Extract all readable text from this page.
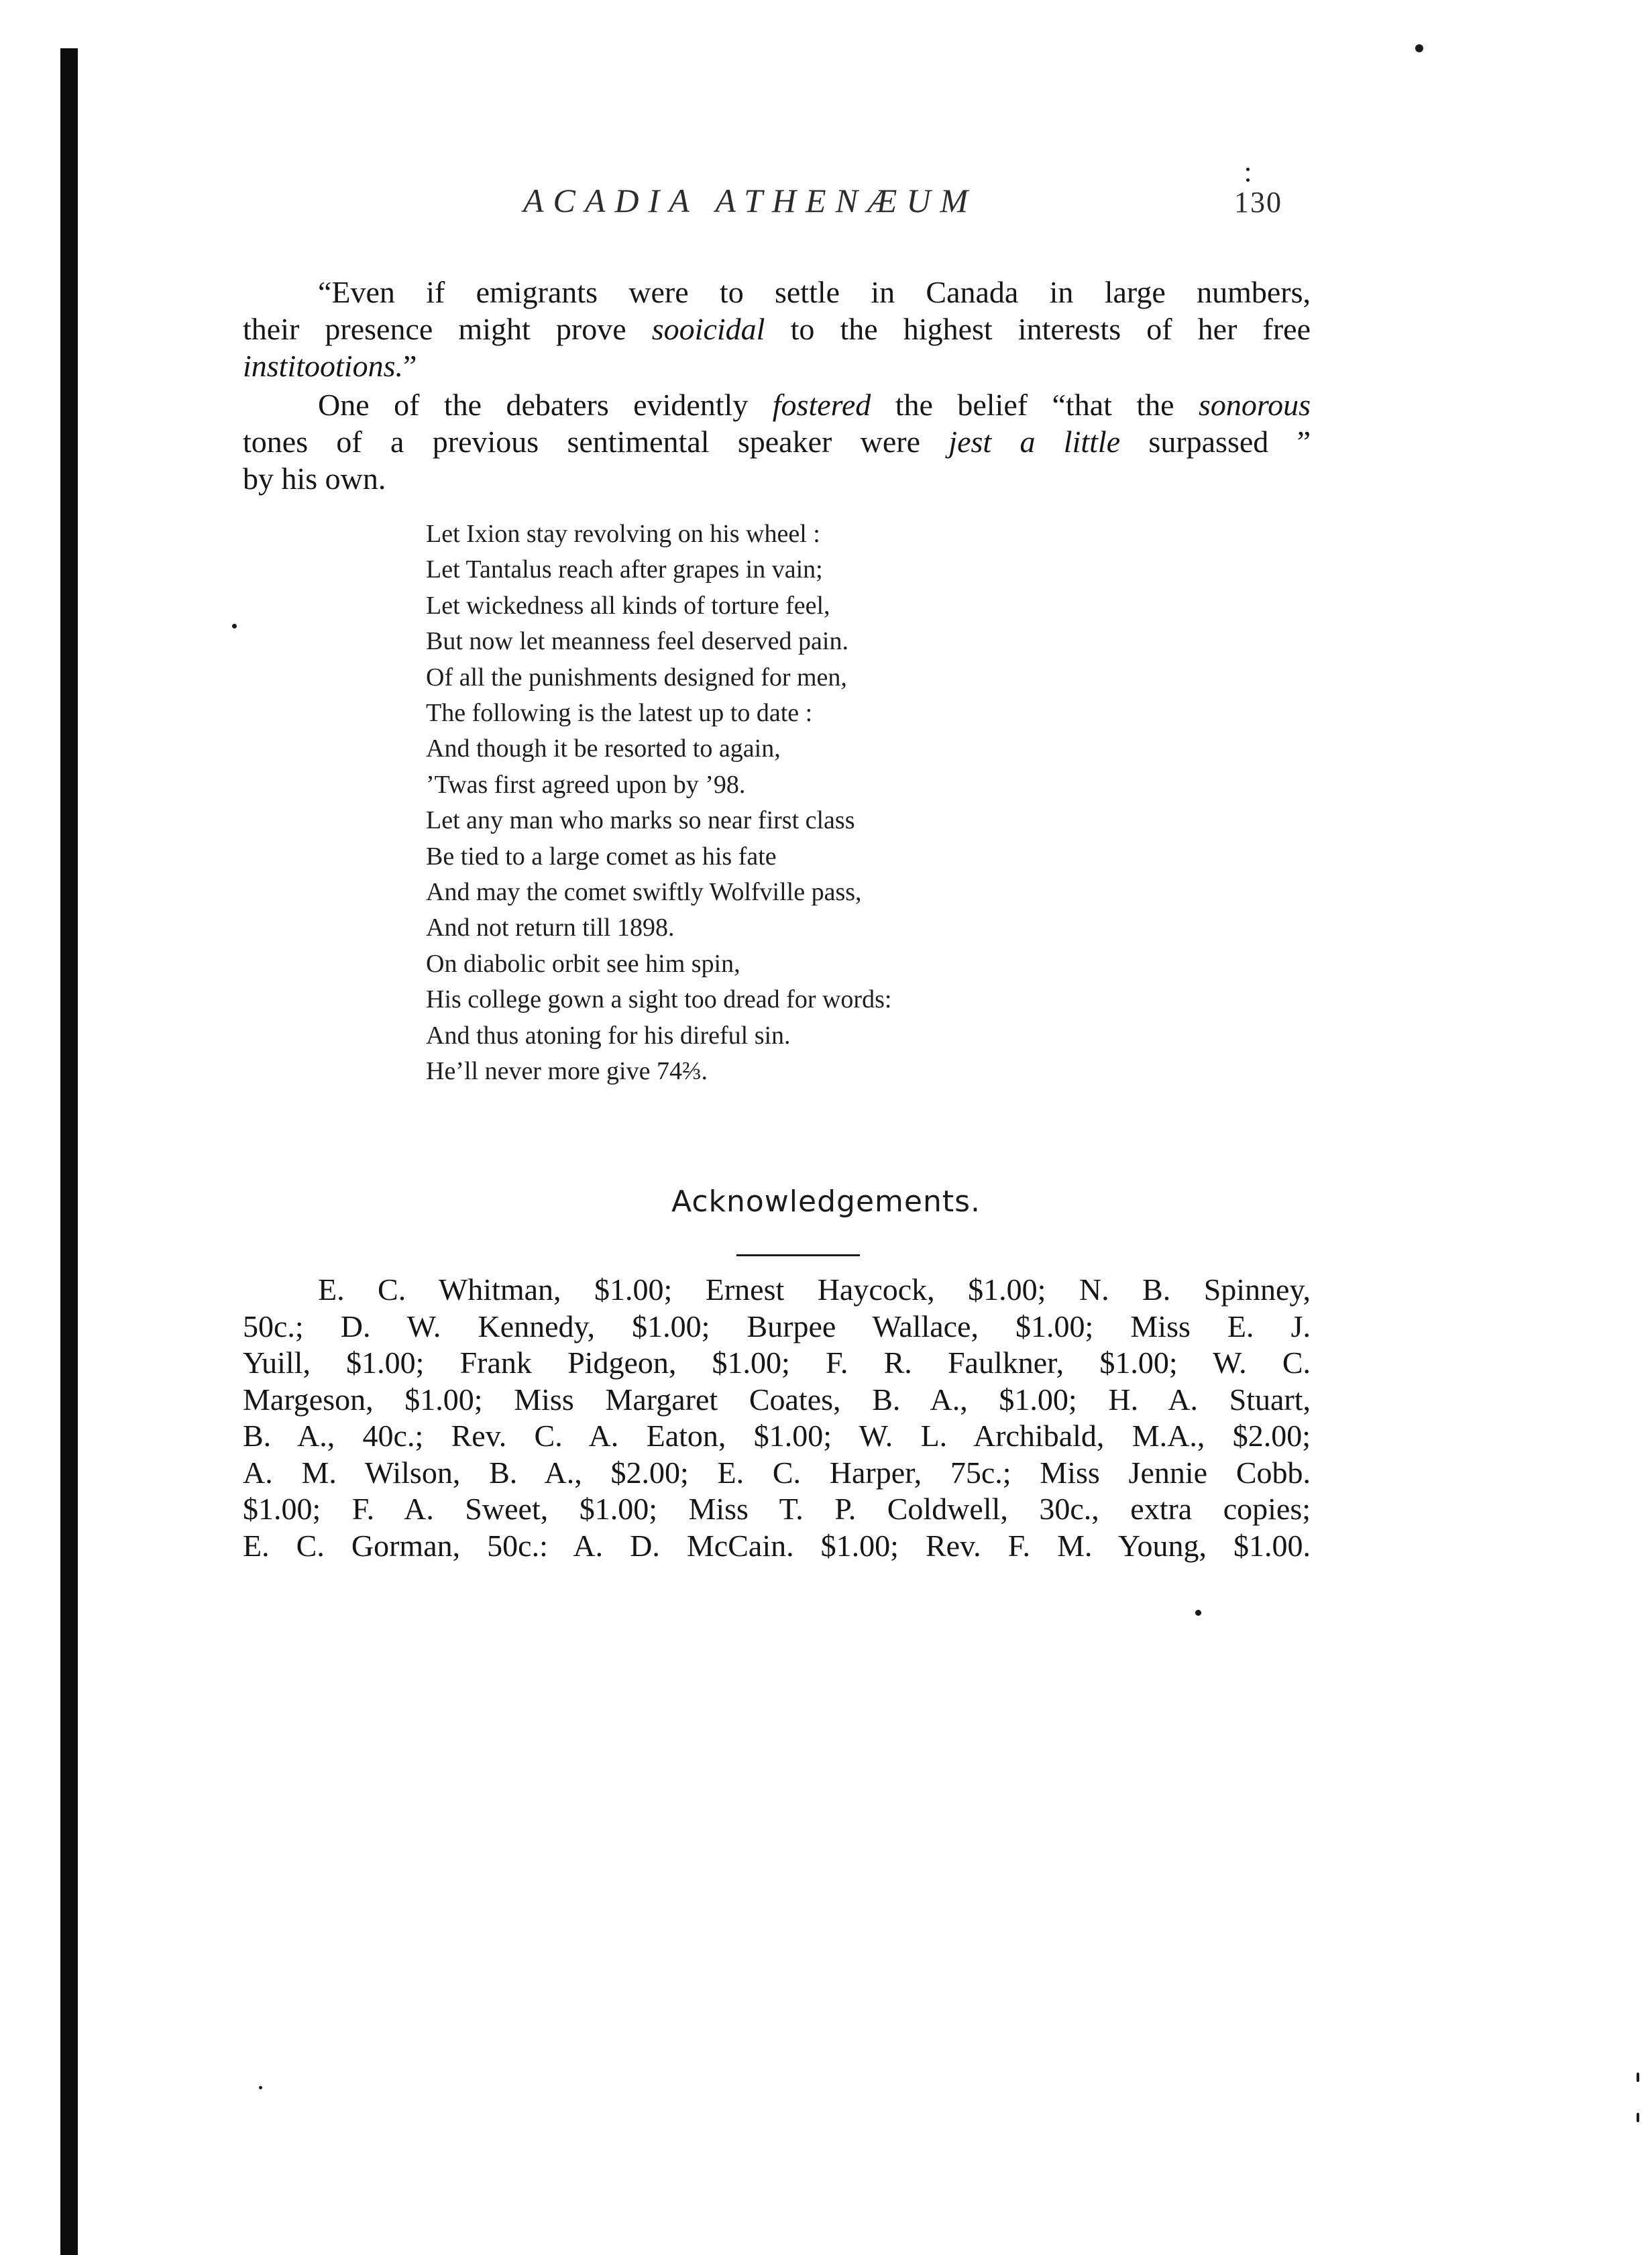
ACADIA ATHENÆUM	130

“Even if emigrants were to settle in Canada in large numbers,
their presence might prove sooicidal to the highest interests of her free
institootions.”

One of the debaters evidently fostered the belief “that the sonorous
tones of a previous sentimental speaker were jest a little surpassed ”
by his own.

Let Ixion stay revolving on his wheel :
Let Tantalus reach after grapes in vain;
Let wickedness all kinds of torture feel,
But now let meanness feel deserved pain.
Of all the punishments designed for men,
The following is the latest up to date :
And though it be resorted to again,
’Twas first agreed upon by ’98.
Let any man who marks so near first class
Be tied to a large comet as his fate
And may the comet swiftly Wolfville pass,
And not return till 1898.
On diabolic orbit see him spin,
His college gown a sight too dread for words:
And thus atoning for his direful sin.
He’ll never more give 74⅔.
Acknowledgements.

E. C. Whitman, $1.00; Ernest Haycock, $1.00; N. B. Spinney,
50c.; D. W. Kennedy, $1.00; Burpee Wallace, $1.00; Miss E. J.
Yuill, $1.00; Frank Pidgeon, $1.00; F. R. Faulkner, $1.00; W. C.
Margeson, $1.00; Miss Margaret Coates, B. A., $1.00; H. A. Stuart,
B. A., 40c.; Rev. C. A. Eaton, $1.00; W. L. Archibald, M.A., $2.00;
A. M. Wilson, B. A., $2.00; E. C. Harper, 75c.; Miss Jennie Cobb.
$1.00; F. A. Sweet, $1.00; Miss T. P. Coldwell, 30c., extra copies;
E. C. Gorman, 50c.: A. D. McCain. $1.00; Rev. F. M. Young, $1.00.
